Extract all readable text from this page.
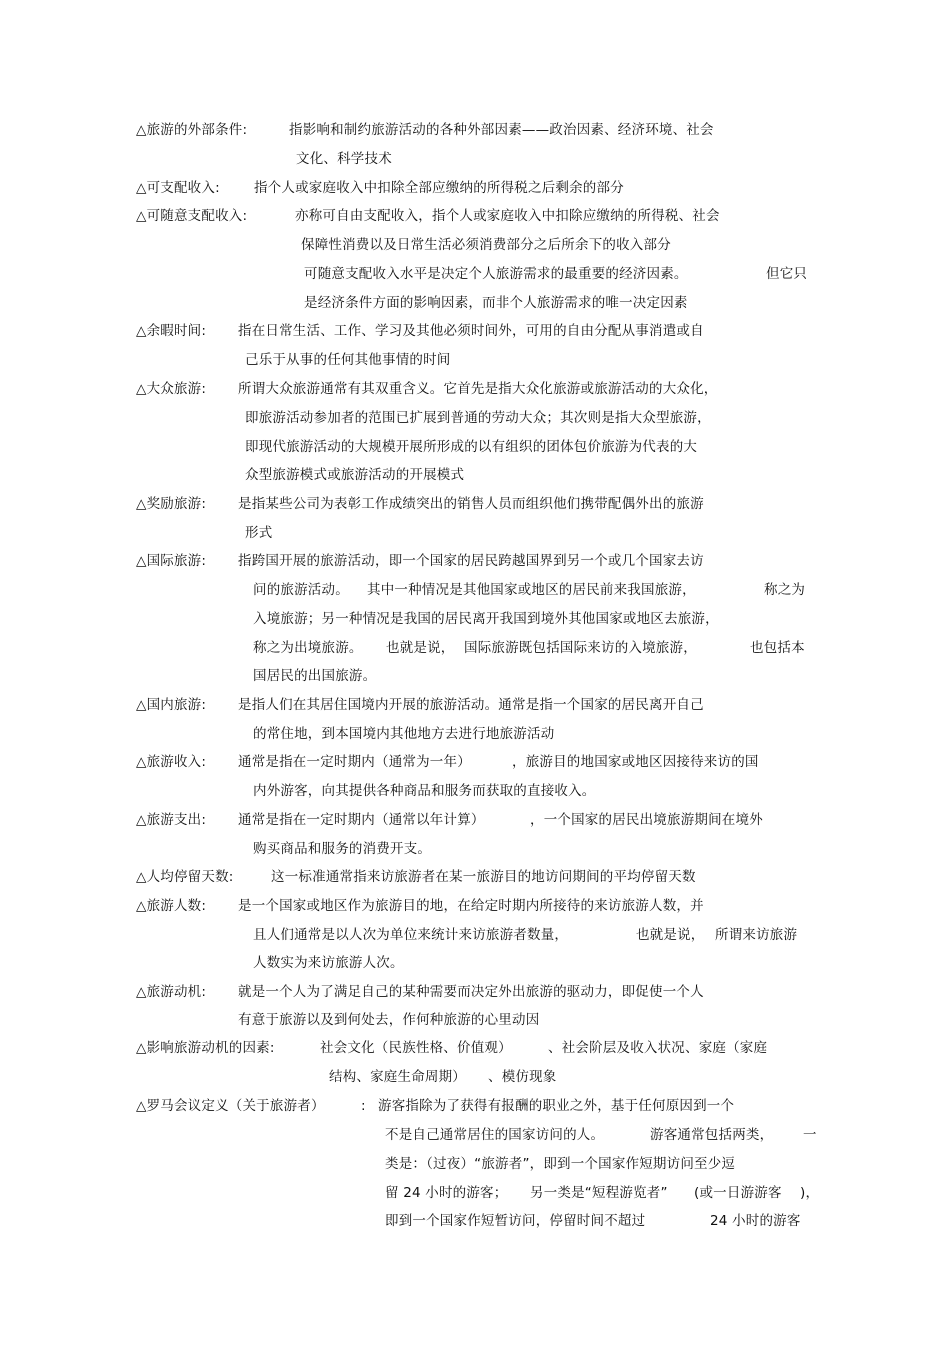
△旅游的外部条件:	指影响和制约旅游活动的各种外部因素——政治因素、经济环境、社会
文化、科学技术
△可支配收入:	指个人或家庭收入中扣除全部应缴纳的所得税之后剩余的部分
△可随意支配收入:	亦称可自由支配收入，指个人或家庭收入中扣除应缴纳的所得税、社会
保障性消费以及日常生活必须消费部分之后所余下的收入部分
可随意支配收入水平是决定个人旅游需求的最重要的经济因素。	但它只
是经济条件方面的影响因素，而非个人旅游需求的唯一决定因素
△余暇时间: 指在日常生活、工作、学习及其他必须时间外，可用的自由分配从事消遣或自
己乐于从事的任何其他事情的时间
△大众旅游: 所谓大众旅游通常有其双重含义。它首先是指大众化旅游或旅游活动的大众化，
即旅游活动参加者的范围已扩展到普通的劳动大众；其次则是指大众型旅游，
即现代旅游活动的大规模开展所形成的以有组织的团体包价旅游为代表的大
众型旅游模式或旅游活动的开展模式
△奖励旅游: 是指某些公司为表彰工作成绩突出的销售人员而组织他们携带配偶外出的旅游
形式
△国际旅游: 指跨国开展的旅游活动，即一个国家的居民跨越国界到另一个或几个国家去访
问的旅游活动。 其中一种情况是其他国家或地区的居民前来我国旅游，	称之为
入境旅游；另一种情况是我国的居民离开我国到境外其他国家或地区去旅游，
称之为出境旅游。 也就是说， 国际旅游既包括国际来访的入境旅游，	也包括本
国居民的出国旅游。
△国内旅游: 是指人们在其居住国境内开展的旅游活动。通常是指一个国家的居民离开自己
的常住地，到本国境内其他地方去进行地旅游活动
△旅游收入: 通常是指在一定时期内（通常为一年）	，旅游目的地国家或地区因接待来访的国
内外游客，向其提供各种商品和服务而获取的直接收入。
△旅游支出: 通常是指在一定时期内（通常以年计算）	，一个国家的居民出境旅游期间在境外
购买商品和服务的消费开支。
△人均停留天数:	这一标准通常指来访旅游者在某一旅游目的地访问期间的平均停留天数
△旅游人数: 是一个国家或地区作为旅游目的地，在给定时期内所接待的来访旅游人数，并
且人们通常是以人次为单位来统计来访旅游者数量，	也就是说， 所谓来访旅游
人数实为来访旅游人次。
△旅游动机: 就是一个人为了满足自己的某种需要而决定外出旅游的驱动力，即促使一个人
有意于旅游以及到何处去，作何种旅游的心里动因
△影响旅游动机的因素:	社会文化（民族性格、价值观）	、社会阶层及收入状况、家庭（家庭
结构、家庭生命周期） 、模仿现象
△罗马会议定义（关于旅游者）	: 游客指除为了获得有报酬的职业之外，基于任何原因到一个
不是自己通常居住的国家访问的人。	游客通常包括两类， 一
类是：（过夜）“旅游者”，即到一个国家作短期访问至少逗
留 24 小时的游客； 另一类是“短程游览者” (或一日游游客 )，
即到一个国家作短暂访问，停留时间不超过	24 小时的游客
